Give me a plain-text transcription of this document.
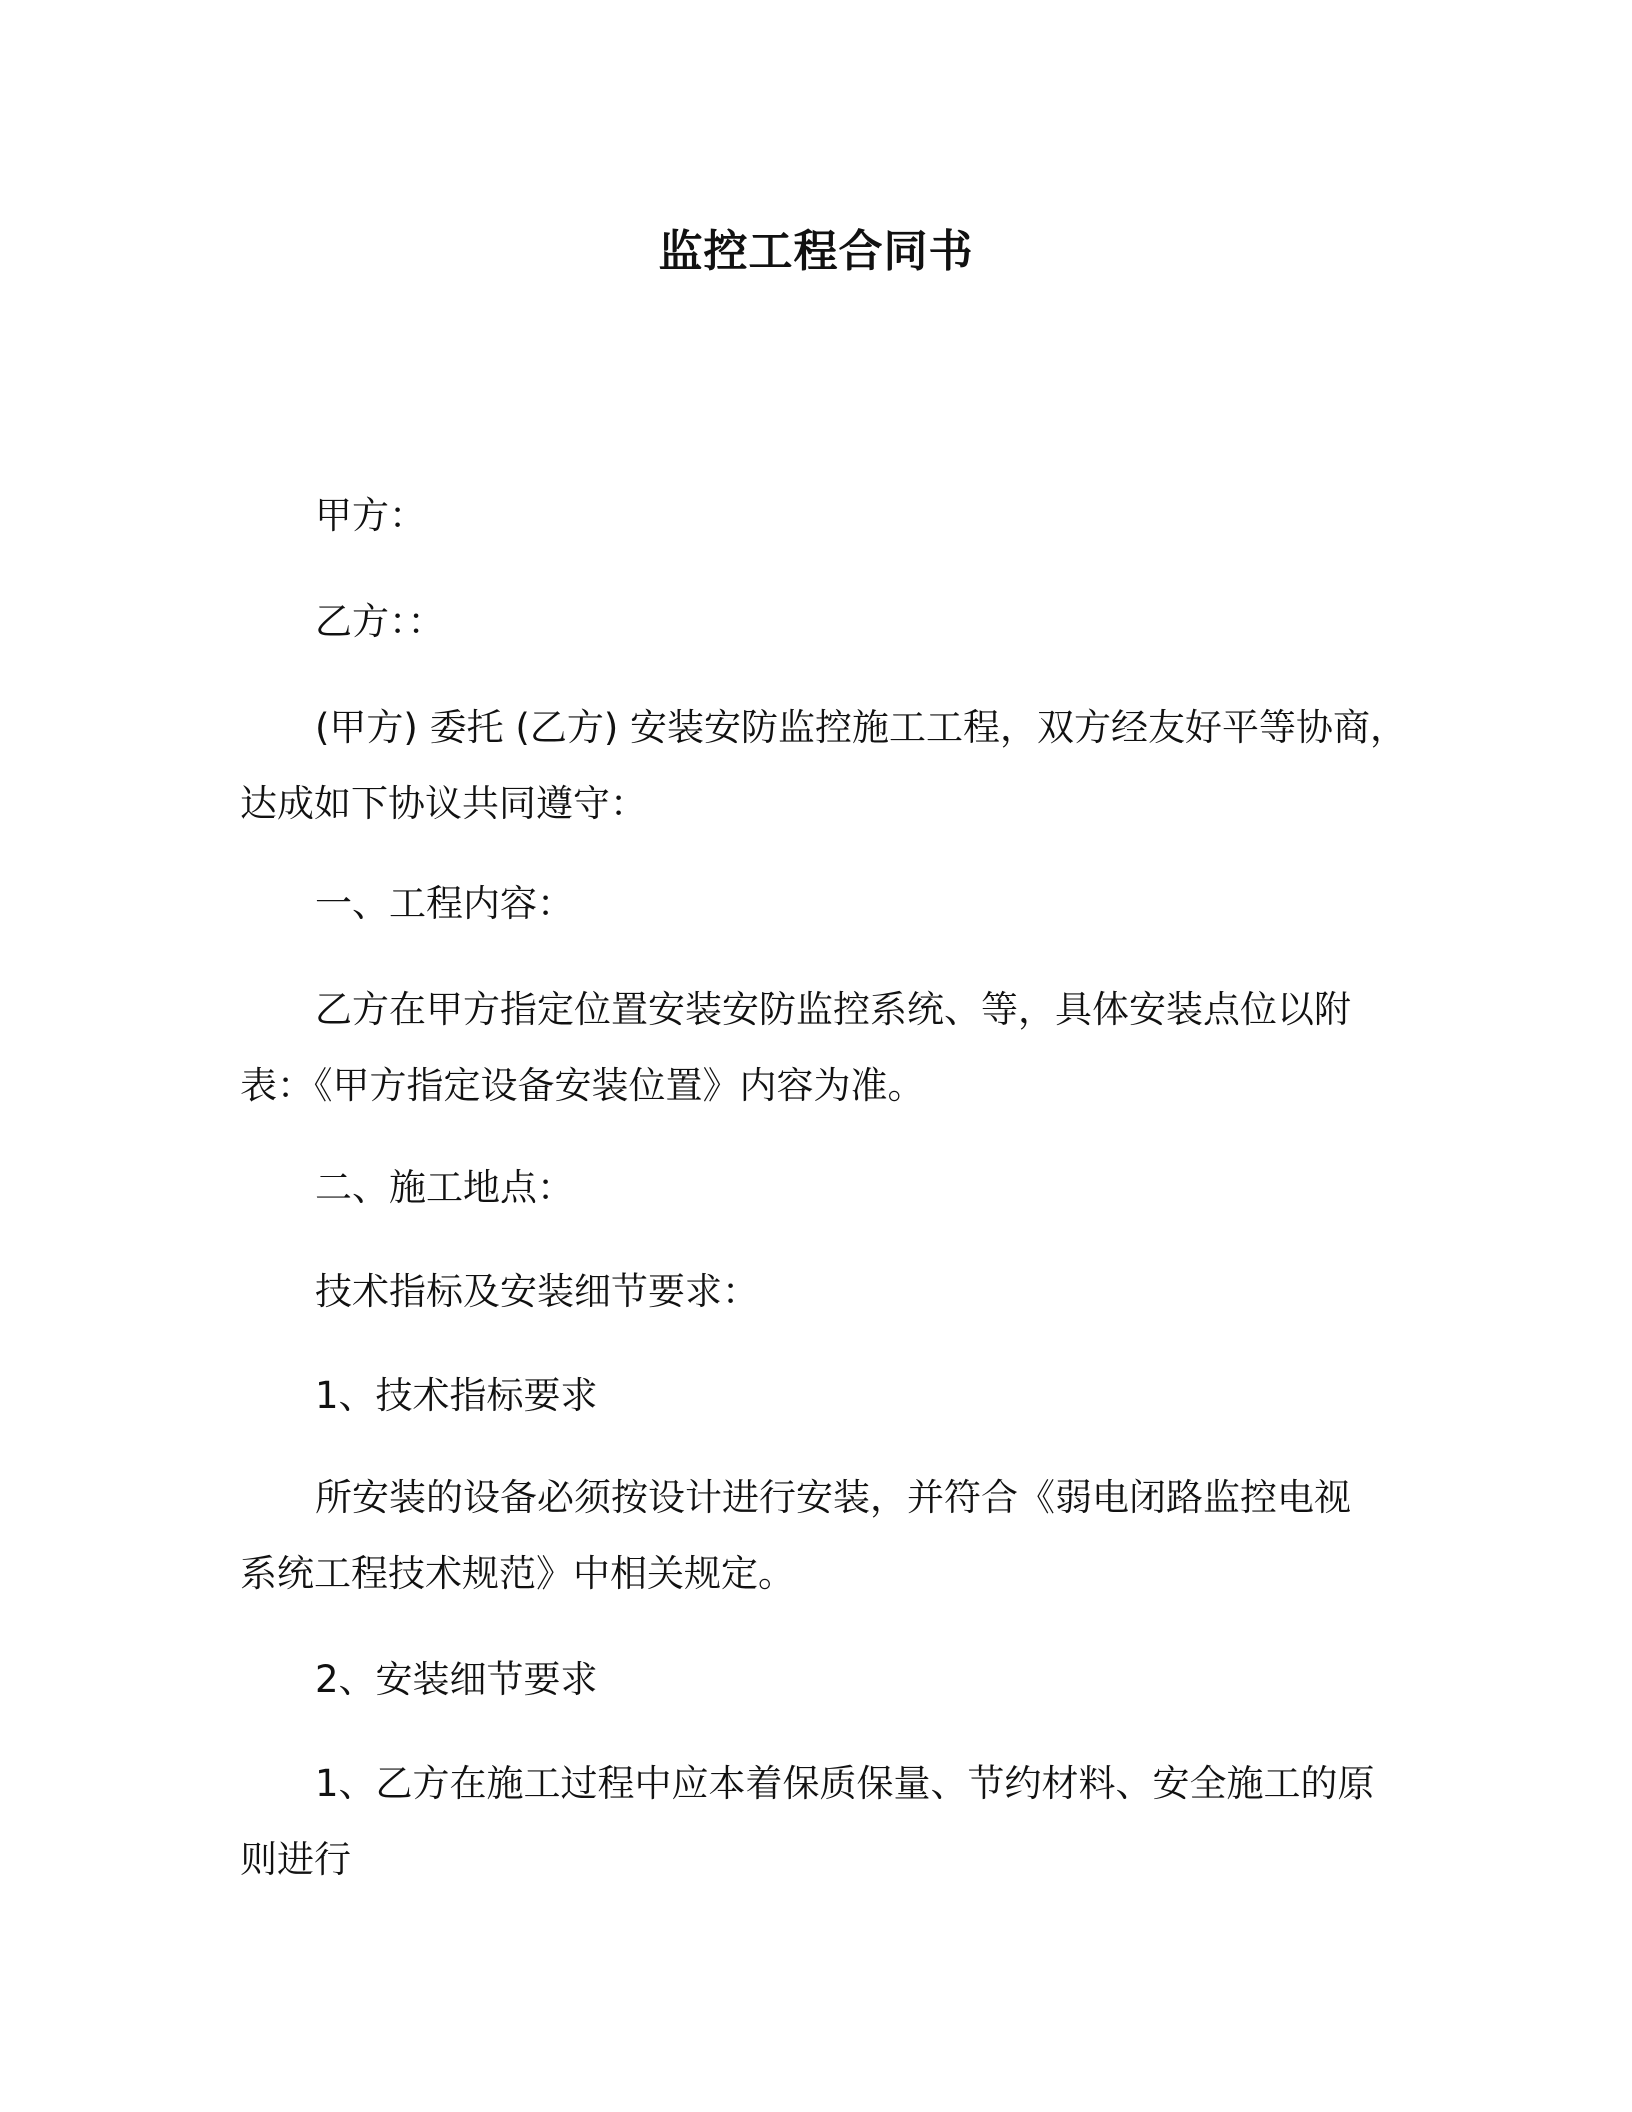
监控工程合同书

甲方：

乙方：：

(甲方) 委托 (乙方) 安装安防监控施工工程，双方经友好平等协商，

达成如下协议共同遵守：

一、工程内容：

乙方在甲方指定位置安装安防监控系统、等，具体安装点位以附

表：《甲方指定设备安装位置》内容为准。

二、施工地点：

技术指标及安装细节要求：

1、技术指标要求

所安装的设备必须按设计进行安装，并符合《弱电闭路监控电视

系统工程技术规范》中相关规定。

2、安装细节要求

1、乙方在施工过程中应本着保质保量、节约材料、安全施工的原

则进行
